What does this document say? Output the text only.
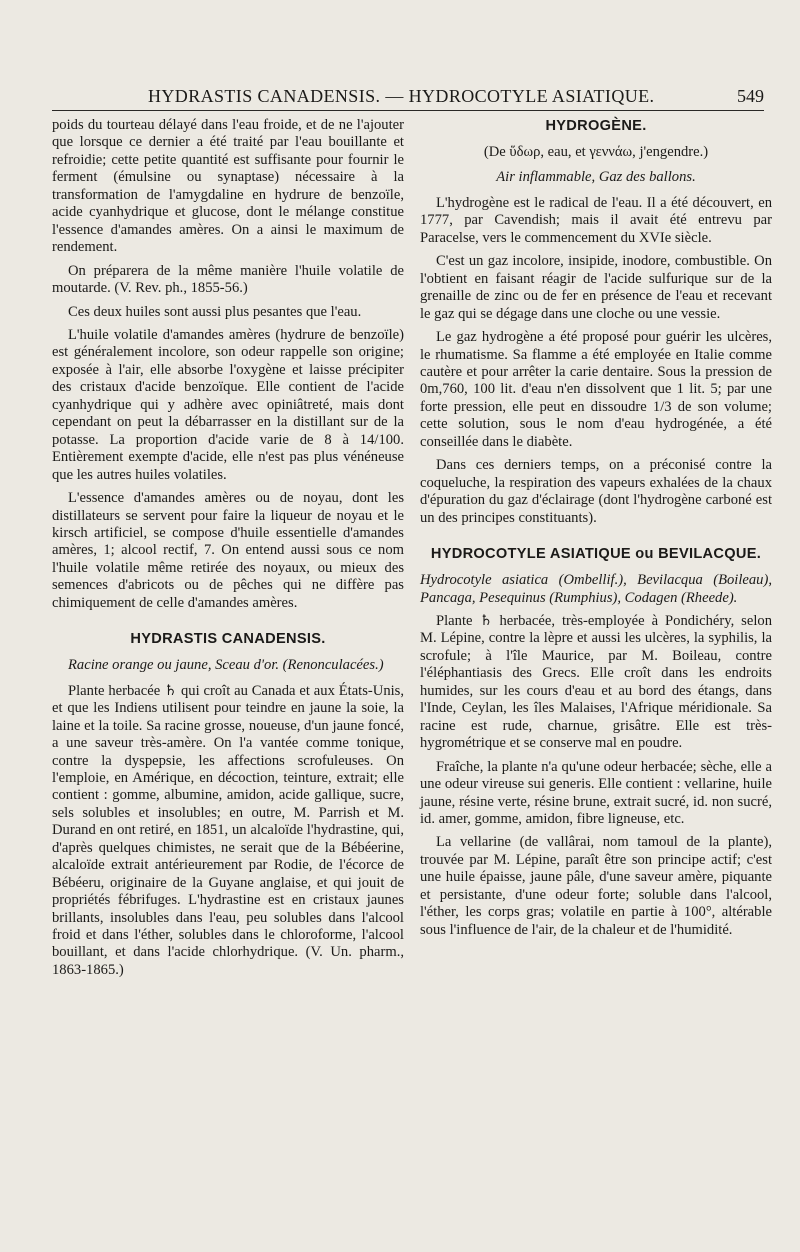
HYDRASTIS CANADENSIS. — HYDROCOTYLE ASIATIQUE.	549

poids du tourteau délayé dans l'eau froide, et de ne l'ajouter que lorsque ce dernier a été traité par l'eau bouillante et refroidie; cette petite quantité est suffisante pour fournir le ferment (émulsine ou synaptase) nécessaire à la transformation de l'amygdaline en hydrure de benzoïle, acide cyanhydrique et glucose, dont le mélange constitue l'essence d'amandes amères. On a ainsi le maximum de rendement.

On préparera de la même manière l'huile volatile de moutarde. (V. Rev. ph., 1855-56.)

Ces deux huiles sont aussi plus pesantes que l'eau.

L'huile volatile d'amandes amères (hydrure de benzoïle) est généralement incolore, son odeur rappelle son origine; exposée à l'air, elle absorbe l'oxygène et laisse précipiter des cristaux d'acide benzoïque. Elle contient de l'acide cyanhydrique qui y adhère avec opiniâtreté, mais dont cependant on peut la débarrasser en la distillant sur de la potasse. La proportion d'acide varie de 8 à 14/100. Entièrement exempte d'acide, elle n'est pas plus vénéneuse que les autres huiles volatiles.

L'essence d'amandes amères ou de noyau, dont les distillateurs se servent pour faire la liqueur de noyau et le kirsch artificiel, se compose d'huile essentielle d'amandes amères, 1; alcool rectif, 7. On entend aussi sous ce nom l'huile volatile même retirée des noyaux, ou mieux des semences d'abricots ou de pêches qui ne diffère pas chimiquement de celle d'amandes amères.

HYDRASTIS CANADENSIS.
Racine orange ou jaune, Sceau d'or. (Renonculacées.)

Plante herbacée ♄ qui croît au Canada et aux États-Unis, et que les Indiens utilisent pour teindre en jaune la soie, la laine et la toile. Sa racine grosse, noueuse, d'un jaune foncé, a une saveur très-amère. On l'a vantée comme tonique, contre la dyspepsie, les affections scrofuleuses. On l'emploie, en Amérique, en décoction, teinture, extrait; elle contient : gomme, albumine, amidon, acide gallique, sucre, sels solubles et insolubles; en outre, M. Parrish et M. Durand en ont retiré, en 1851, un alcaloïde l'hydrastine, qui, d'après quelques chimistes, ne serait que de la Bébéerine, alcaloïde extrait antérieurement par Rodie, de l'écorce de Bébéeru, originaire de la Guyane anglaise, et qui jouit de propriétés fébrifuges. L'hydrastine est en cristaux jaunes brillants, insolubles dans l'eau, peu solubles dans l'alcool froid et dans l'éther, solubles dans le chloroforme, l'alcool bouillant, et dans l'acide chlorhydrique. (V. Un. pharm., 1863-1865.)

HYDROGÈNE.
(De ὕδωρ, eau, et γεννάω, j'engendre.)
Air inflammable, Gaz des ballons.

L'hydrogène est le radical de l'eau. Il a été découvert, en 1777, par Cavendish; mais il avait été entrevu par Paracelse, vers le commencement du XVIe siècle.

C'est un gaz incolore, insipide, inodore, combustible. On l'obtient en faisant réagir de l'acide sulfurique sur de la grenaille de zinc ou de fer en présence de l'eau et recevant le gaz qui se dégage dans une cloche ou une vessie.

Le gaz hydrogène a été proposé pour guérir les ulcères, le rhumatisme. Sa flamme a été employée en Italie comme cautère et pour arrêter la carie dentaire. Sous la pression de 0m,760, 100 lit. d'eau n'en dissolvent que 1 lit. 5; par une forte pression, elle peut en dissoudre 1/3 de son volume; cette solution, sous le nom d'eau hydrogénée, a été conseillée dans le diabète.

Dans ces derniers temps, on a préconisé contre la coqueluche, la respiration des vapeurs exhalées de la chaux d'épuration du gaz d'éclairage (dont l'hydrogène carboné est un des principes constituants).

HYDROCOTYLE ASIATIQUE ou BEVILACQUE.

Hydrocotyle asiatica (Ombellif.), Bevilacqua (Boileau), Pancaga, Pesequinus (Rumphius), Codagen (Rheede).

Plante ♄ herbacée, très-employée à Pondichéry, selon M. Lépine, contre la lèpre et aussi les ulcères, la syphilis, la scrofule; à l'île Maurice, par M. Boileau, contre l'éléphantiasis des Grecs. Elle croît dans les endroits humides, sur les cours d'eau et au bord des étangs, dans l'Inde, Ceylan, les îles Malaises, l'Afrique méridionale. Sa racine est rude, charnue, grisâtre. Elle est très-hygrométrique et se conserve mal en poudre.

Fraîche, la plante n'a qu'une odeur herbacée; sèche, elle a une odeur vireuse sui generis. Elle contient : vellarine, huile jaune, résine verte, résine brune, extrait sucré, id. non sucré, id. amer, gomme, amidon, fibre ligneuse, etc.

La vellarine (de vallârai, nom tamoul de la plante), trouvée par M. Lépine, paraît être son principe actif; c'est une huile épaisse, jaune pâle, d'une saveur amère, piquante et persistante, d'une odeur forte; soluble dans l'alcool, l'éther, les corps gras; volatile en partie à 100°, altérable sous l'influence de l'air, de la chaleur et de l'humidité.
